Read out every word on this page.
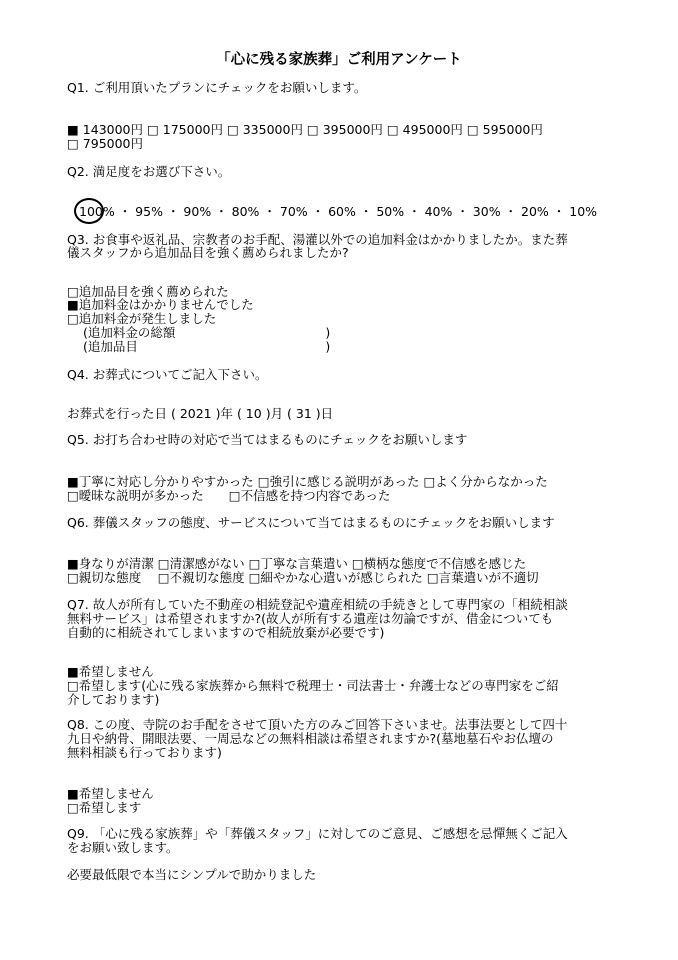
「心に残る家族葬」ご利用アンケート
Q1. ご利用頂いたプランにチェックをお願いします。
■ 143000円 □ 175000円 □ 335000円 □ 395000円 □ 495000円 □ 595000円
□ 795000円
Q2. 満足度をお選び下さい。
100% ・ 95% ・ 90% ・ 80% ・ 70% ・ 60% ・ 50% ・ 40% ・ 30% ・ 20% ・ 10%
Q3. お食事や返礼品、宗教者のお手配、湯灌以外での追加料金はかかりましたか。また葬
儀スタッフから追加品目を強く薦められましたか?
□追加品目を強く薦められた
■追加料金はかかりませんでした
□追加料金が発生しました
(追加料金の総額　　　　　　　　　　　　)
(追加品目　　　　　　　　　　　　　　　)
Q4. お葬式についてご記入下さい。
お葬式を行った日 ( 2021 )年 ( 10 )月 ( 31 )日
Q5. お打ち合わせ時の対応で当てはまるものにチェックをお願いします
■丁寧に対応し分かりやすかった □強引に感じる説明があった □よく分からなかった
□曖昧な説明が多かった　　□不信感を持つ内容であった
Q6. 葬儀スタッフの態度、サービスについて当てはまるものにチェックをお願いします
■身なりが清潔 □清潔感がない □丁寧な言葉遣い □横柄な態度で不信感を感じた
□親切な態度　 □不親切な態度 □細やかな心遣いが感じられた □言葉遣いが不適切
Q7. 故人が所有していた不動産の相続登記や遺産相続の手続きとして専門家の「相続相談
無料サービス」は希望されますか?(故人が所有する遺産は勿論ですが、借金についても
自動的に相続されてしまいますので相続放棄が必要です)
■希望しません
□希望します(心に残る家族葬から無料で税理士・司法書士・弁護士などの専門家をご紹
介しております)
Q8. この度、寺院のお手配をさせて頂いた方のみご回答下さいませ。法事法要として四十
九日や納骨、開眼法要、一周忌などの無料相談は希望されますか?(墓地墓石やお仏壇の
無料相談も行っております)
■希望しません
□希望します
Q9. 「心に残る家族葬」や「葬儀スタッフ」に対してのご意見、ご感想を忌憚無くご記入
をお願い致します。
必要最低限で本当にシンプルで助かりました
